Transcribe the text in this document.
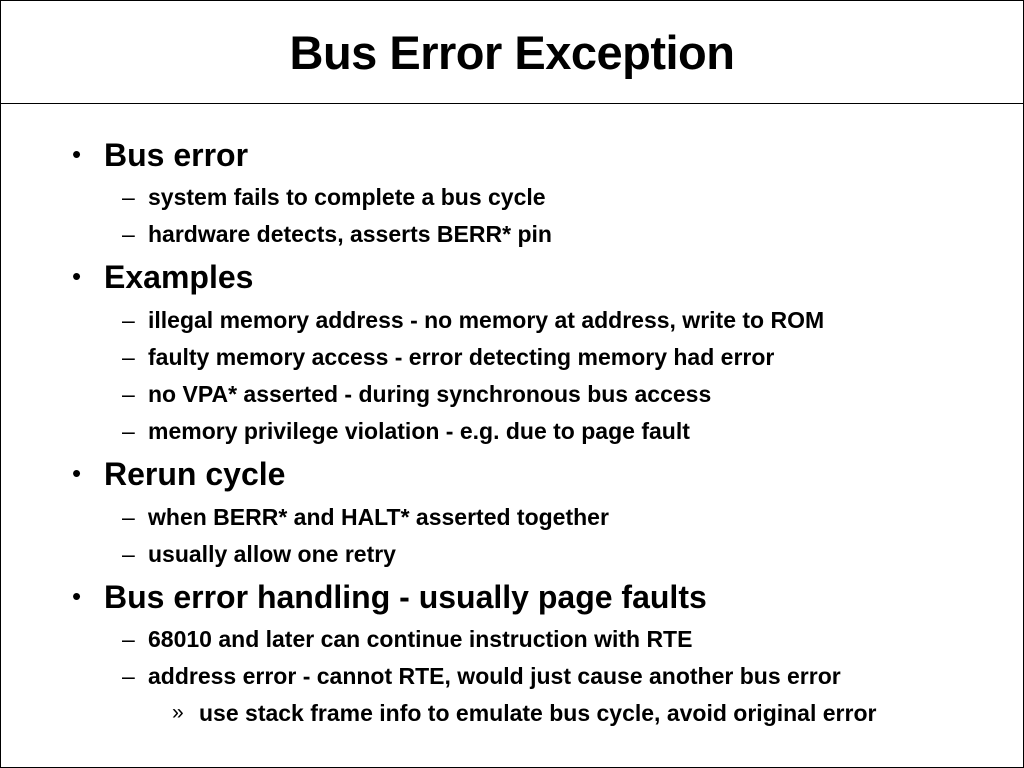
Bus Error Exception
• Bus error
– system fails to complete a bus cycle
– hardware detects, asserts BERR* pin
• Examples
– illegal memory address - no memory at address, write to ROM
– faulty memory access - error detecting memory had error
– no VPA* asserted - during synchronous bus access
– memory privilege violation - e.g. due to page fault
• Rerun cycle
– when BERR* and HALT* asserted together
– usually allow one retry
• Bus error handling - usually page faults
– 68010 and later can continue instruction with RTE
– address error - cannot RTE, would just cause another bus error
» use stack frame info to emulate bus cycle, avoid original error
